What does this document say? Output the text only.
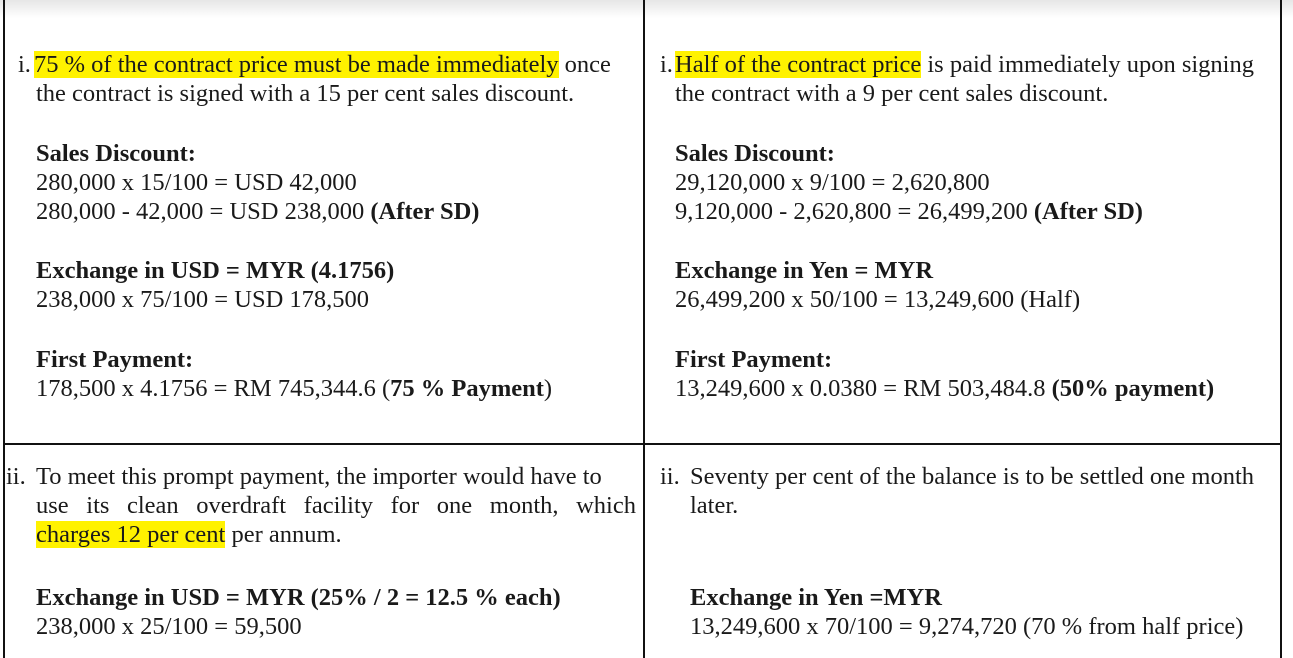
i. 75 % of the contract price must be made immediately once

the contract is signed with a 15 per cent sales discount.

Sales Discount:

280,000 x 15/100 = USD 42,000

280,000 - 42,000 = USD 238,000 (After SD)

Exchange in USD = MYR (4.1756)

238,000 x 75/100 = USD 178,500

First Payment:

178,500 x 4.1756 = RM 745,344.6 (75 % Payment)

ii. To meet this prompt payment, the importer would have to

use its clean overdraft facility for one month, which

charges 12 per cent per annum.

Exchange in USD = MYR (25% / 2 = 12.5 % each)

238,000 x 25/100 = 59,500

i. Half of the contract price is paid immediately upon signing

the contract with a 9 per cent sales discount.

Sales Discount:

29,120,000 x 9/100 = 2,620,800

9,120,000 - 2,620,800 = 26,499,200 (After SD)

Exchange in Yen = MYR

26,499,200 x 50/100 = 13,249,600 (Half)

First Payment:

13,249,600 x 0.0380 = RM 503,484.8 (50% payment)

ii. Seventy per cent of the balance is to be settled one month

later.

Exchange in Yen =MYR

13,249,600 x 70/100 = 9,274,720 (70 % from half price)
